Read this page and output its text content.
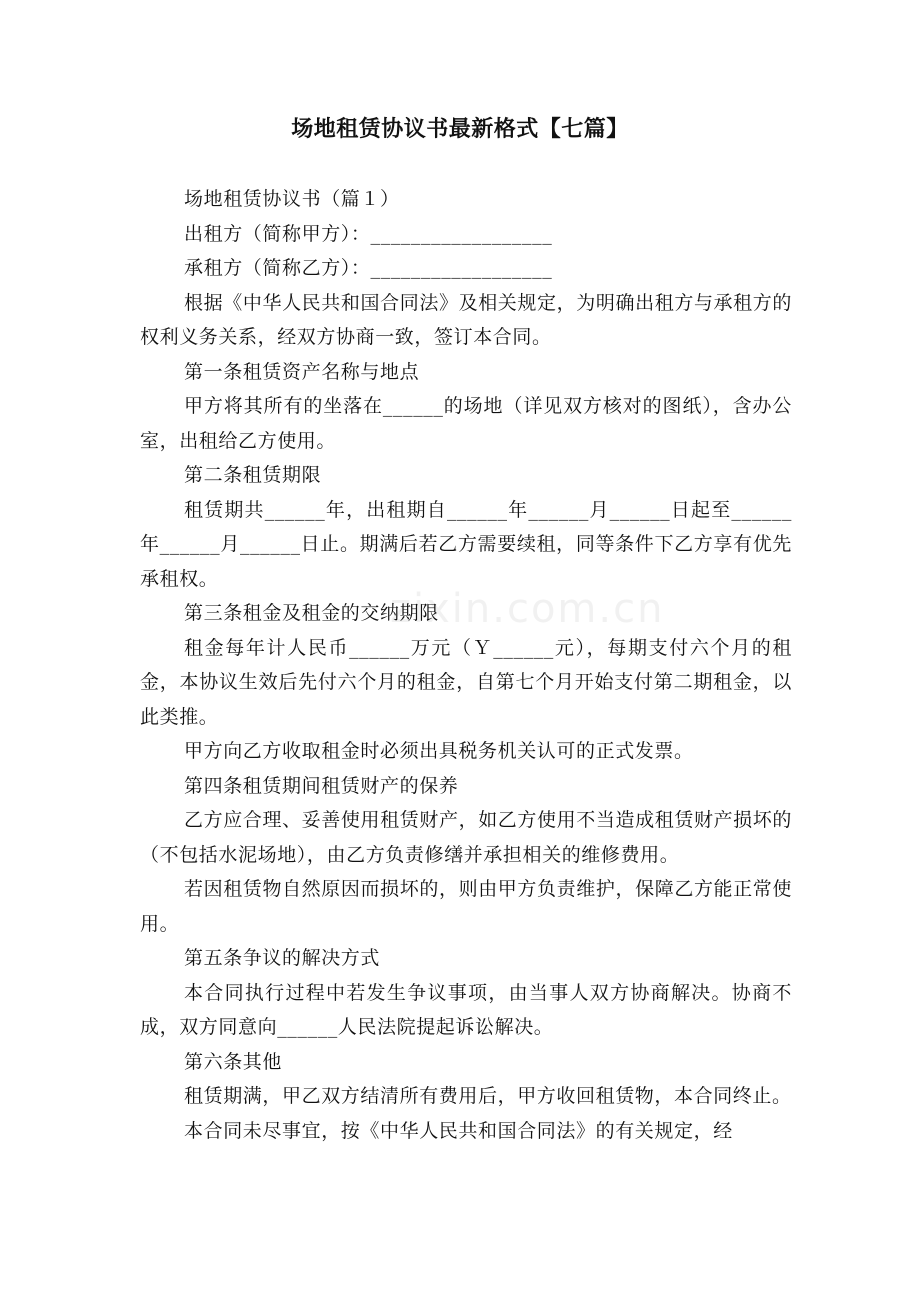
zixin.com.cn
场地租赁协议书最新格式【七篇】

场地租赁协议书（篇１）

出租方（简称甲方）：__________________

承租方（简称乙方）：__________________

根据《中华人民共和国合同法》及相关规定，为明确出租方与承租方的权利义务关系，经双方协商一致，签订本合同。

第一条租赁资产名称与地点

甲方将其所有的坐落在______的场地（详见双方核对的图纸），含办公室，出租给乙方使用。

第二条租赁期限

租赁期共______年，出租期自______年______月______日起至______年______月______日止。期满后若乙方需要续租，同等条件下乙方享有优先承租权。

第三条租金及租金的交纳期限

租金每年计人民币______万元（Ｙ______元），每期支付六个月的租金，本协议生效后先付六个月的租金，自第七个月开始支付第二期租金，以此类推。

甲方向乙方收取租金时必须出具税务机关认可的正式发票。

第四条租赁期间租赁财产的保养

乙方应合理、妥善使用租赁财产，如乙方使用不当造成租赁财产损坏的（不包括水泥场地），由乙方负责修缮并承担相关的维修费用。

若因租赁物自然原因而损坏的，则由甲方负责维护，保障乙方能正常使用。

第五条争议的解决方式

本合同执行过程中若发生争议事项，由当事人双方协商解决。协商不成，双方同意向______人民法院提起诉讼解决。

第六条其他

租赁期满，甲乙双方结清所有费用后，甲方收回租赁物，本合同终止。

本合同未尽事宜，按《中华人民共和国合同法》的有关规定，经
